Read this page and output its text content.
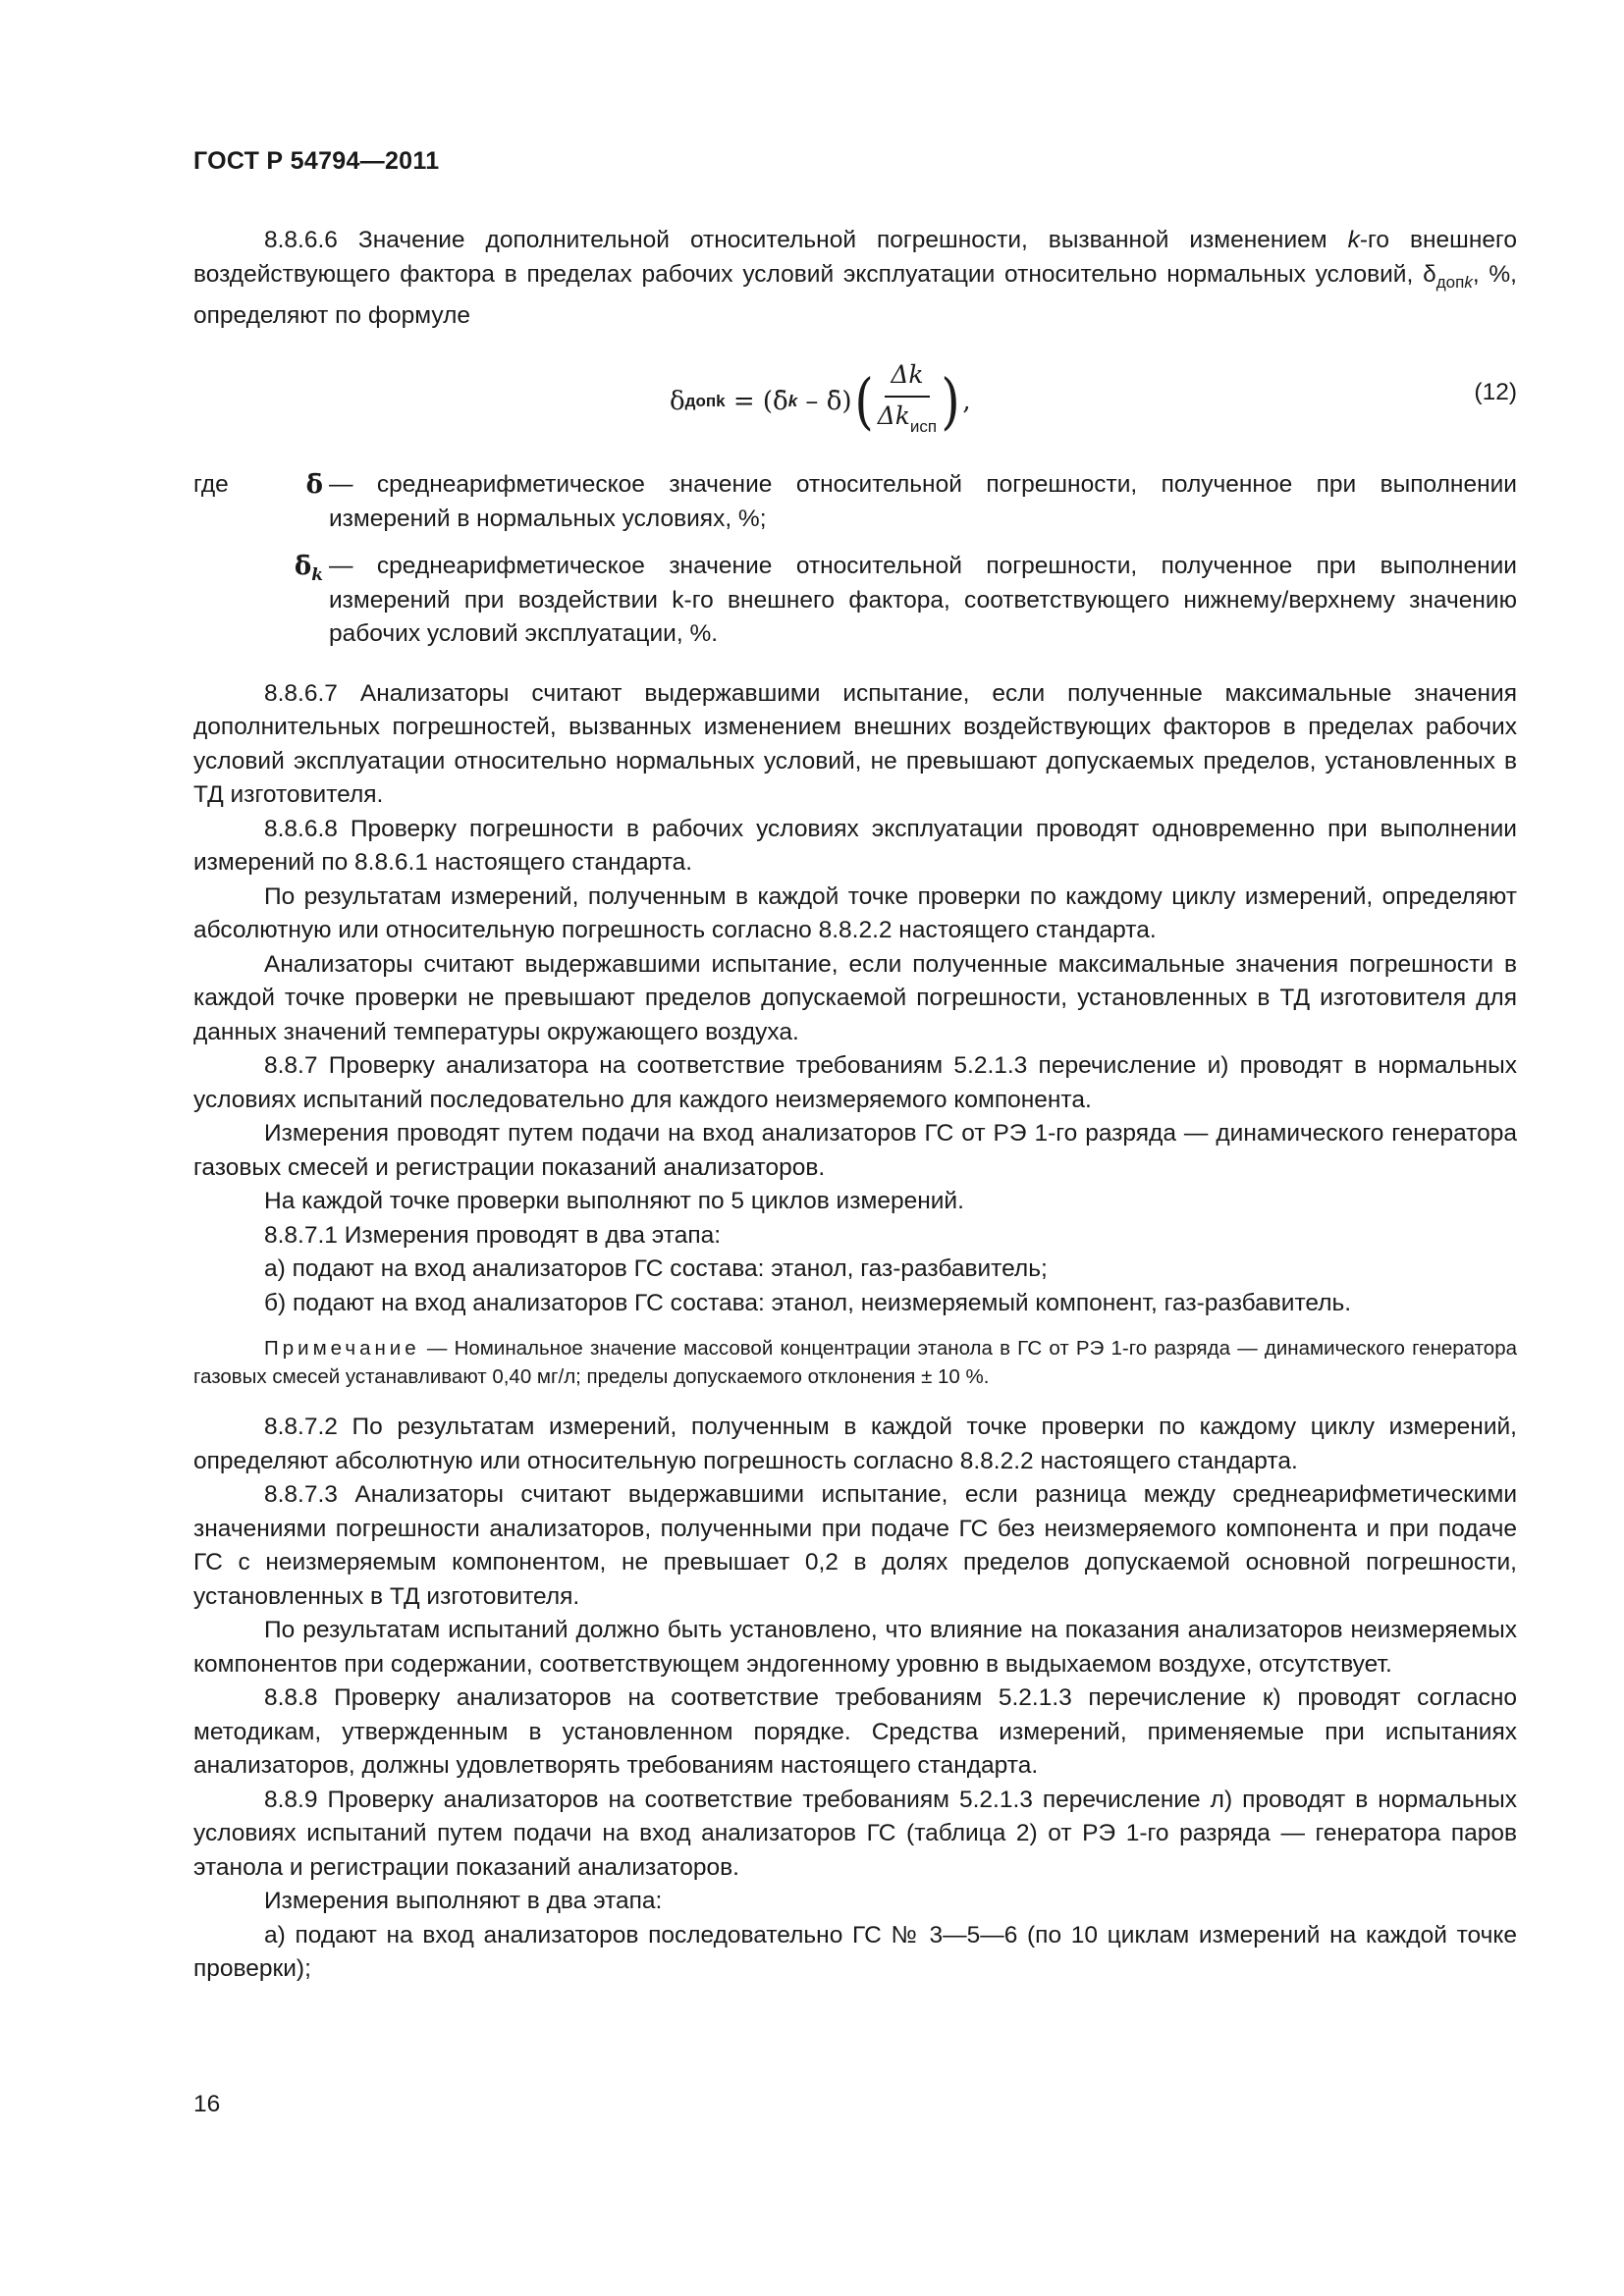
ГОСТ Р 54794—2011

8.8.6.6 Значение дополнительной относительной погрешности, вызванной изменением k-го внешнего воздействующего фактора в пределах рабочих условий эксплуатации относительно нормальных условий, $\delta_{допk}$, %, определяют по формуле

δ допk = ( δ̄ k – δ̄ ) ( $\frac{\Delta k}{\Delta k_{исп}}$ ) ,	(12)
где	δ̄ — среднеарифметическое значение относительной погрешности, полученное при выполнении измерений в нормальных условиях, %;
$\deltā_k$ — среднеарифметическое значение относительной погрешности, полученное при выполнении измерений при воздействии k-го внешнего фактора, соответствующего нижнему/верхнему значению рабочих условий эксплуатации, %.

8.8.6.7 Анализаторы считают выдержавшими испытание, если полученные максимальные значения дополнительных погрешностей, вызванных изменением внешних воздействующих факторов в пределах рабочих условий эксплуатации относительно нормальных условий, не превышают допускаемых пределов, установленных в ТД изготовителя.

8.8.6.8 Проверку погрешности в рабочих условиях эксплуатации проводят одновременно при выполнении измерений по 8.8.6.1 настоящего стандарта.

По результатам измерений, полученным в каждой точке проверки по каждому циклу измерений, определяют абсолютную или относительную погрешность согласно 8.8.2.2 настоящего стандарта.

Анализаторы считают выдержавшими испытание, если полученные максимальные значения погрешности в каждой точке проверки не превышают пределов допускаемой погрешности, установленных в ТД изготовителя для данных значений температуры окружающего воздуха.

8.8.7 Проверку анализатора на соответствие требованиям 5.2.1.3 перечисление и) проводят в нормальных условиях испытаний последовательно для каждого неизмеряемого компонента.

Измерения проводят путем подачи на вход анализаторов ГС от РЭ 1-го разряда — динамического генератора газовых смесей и регистрации показаний анализаторов.

На каждой точке проверки выполняют по 5 циклов измерений.

8.8.7.1 Измерения проводят в два этапа:

а) подают на вход анализаторов ГС состава: этанол, газ-разбавитель;

б) подают на вход анализаторов ГС состава: этанол, неизмеряемый компонент, газ-разбавитель.

Примечание — Номинальное значение массовой концентрации этанола в ГС от РЭ 1-го разряда — динамического генератора газовых смесей устанавливают 0,40 мг/л; пределы допускаемого отклонения ± 10 %.

8.8.7.2 По результатам измерений, полученным в каждой точке проверки по каждому циклу измерений, определяют абсолютную или относительную погрешность согласно 8.8.2.2 настоящего стандарта.

8.8.7.3 Анализаторы считают выдержавшими испытание, если разница между среднеарифметическими значениями погрешности анализаторов, полученными при подаче ГС без неизмеряемого компонента и при подаче ГС с неизмеряемым компонентом, не превышает 0,2 в долях пределов допускаемой основной погрешности, установленных в ТД изготовителя.

По результатам испытаний должно быть установлено, что влияние на показания анализаторов неизмеряемых компонентов при содержании, соответствующем эндогенному уровню в выдыхаемом воздухе, отсутствует.

8.8.8 Проверку анализаторов на соответствие требованиям 5.2.1.3 перечисление к) проводят согласно методикам, утвержденным в установленном порядке. Средства измерений, применяемые при испытаниях анализаторов, должны удовлетворять требованиям настоящего стандарта.

8.8.9 Проверку анализаторов на соответствие требованиям 5.2.1.3 перечисление л) проводят в нормальных условиях испытаний путем подачи на вход анализаторов ГС (таблица 2) от РЭ 1-го разряда — генератора паров этанола и регистрации показаний анализаторов.

Измерения выполняют в два этапа:

а) подают на вход анализаторов последовательно ГС № 3—5—6 (по 10 циклам измерений на каждой точке проверки);

16
